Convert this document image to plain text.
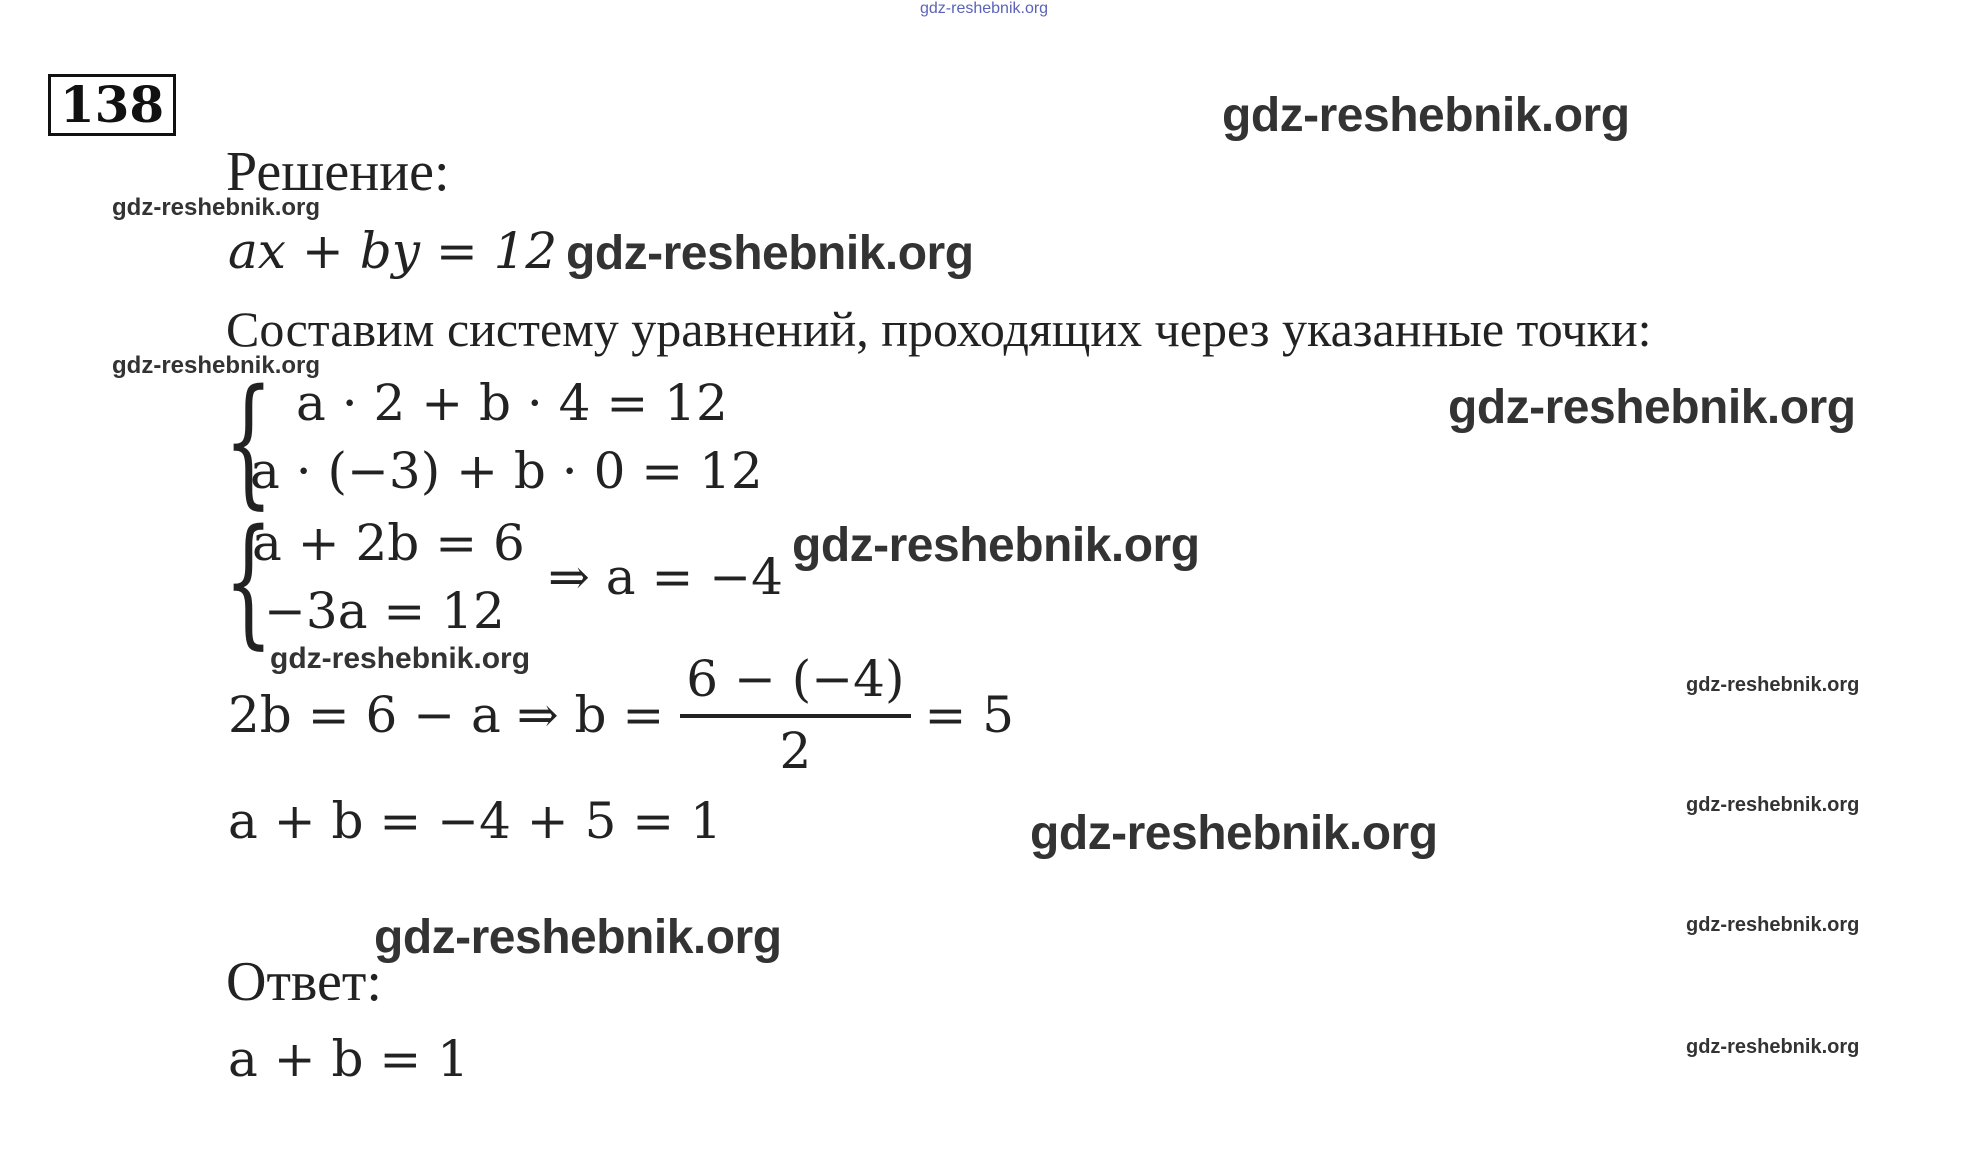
gdz-reshebnik.org
138
Решение:
ax + by = 12
Составим систему уравнений, проходящих через указанные точки:
{ a · 2 + b · 4 = 12
a · (−3) + b · 0 = 12
{
a + 2b = 6
−3a = 12
⇒ a = −4
2b = 6 − a ⇒ $b = \frac{6 - (-4)}{2} = 5$
a + b = −4 + 5 = 1
Ответ:
a + b = 1
gdz-reshebnik.org
gdz-reshebnik.org
gdz-reshebnik.org
gdz-reshebnik.org
gdz-reshebnik.org
gdz-reshebnik.org
gdz-reshebnik.org
gdz-reshebnik.org
gdz-reshebnik.org
gdz-reshebnik.org
gdz-reshebnik.org	gdz-reshebnik.org
gdz-reshebnik.org
